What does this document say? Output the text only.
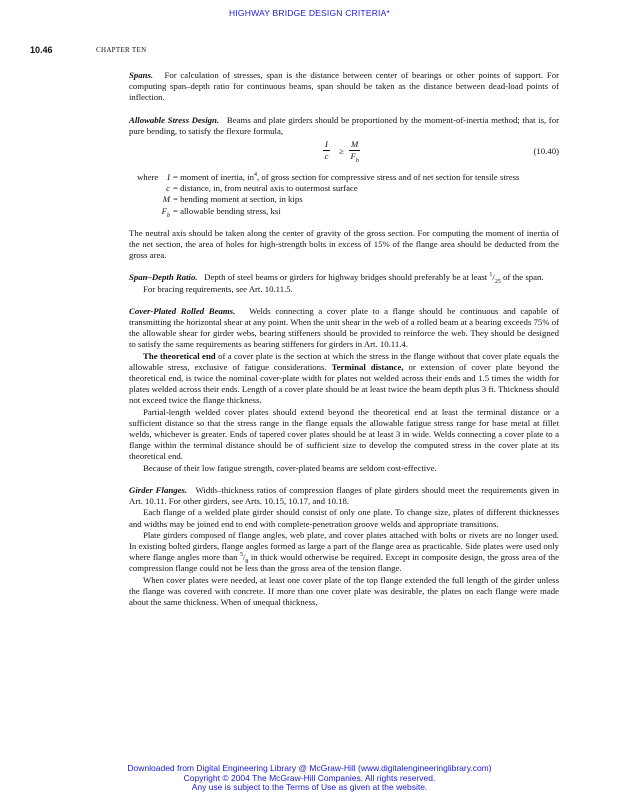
HIGHWAY BRIDGE DESIGN CRITERIA*
10.46	CHAPTER TEN

Spans. For calculation of stresses, span is the distance between center of bearings or other points of support. For computing span–depth ratio for continuous beams, span should be taken as the distance between dead-load points of inflection.

Allowable Stress Design. Beams and plate girders should be proportioned by the moment-of-inertia method; that is, for pure bending, to satisfy the flexure formula,

$\frac{I}{c} \ge \frac{M}{F_b}$	(10.40)
where I = moment of inertia, $in^4$, of gross section for compressive stress and of net section for tensile stress
c = distance, in, from neutral axis to outermost surface
M = bending moment at section, in kips
$F_b$ = allowable bending stress, ksi

The neutral axis should be taken along the center of gravity of the gross section. For computing the moment of inertia of the net section, the area of holes for high-strength bolts in excess of 15% of the flange area should be deducted from the gross area.

Span–Depth Ratio. Depth of steel beams or girders for highway bridges should preferably be at least $^1/_{25}$ of the span.

For bracing requirements, see Art. 10.11.5.

Cover-Plated Rolled Beams. Welds connecting a cover plate to a flange should be continuous and capable of transmitting the horizontal shear at any point. When the unit shear in the web of a rolled beam at a bearing exceeds 75% of the allowable shear for girder webs, bearing stiffeners should be provided to reinforce the web. They should be designed to satisfy the same requirements as bearing stiffeners for girders in Art. 10.11.4.

The theoretical end of a cover plate is the section at which the stress in the flange without that cover plate equals the allowable stress, exclusive of fatigue considerations. Terminal distance, or extension of cover plate beyond the theoretical end, is twice the nominal cover-plate width for plates not welded across their ends and 1.5 times the width for plates welded across their ends. Length of a cover plate should be at least twice the beam depth plus 3 ft. Thickness should not exceed twice the flange thickness.

Partial-length welded cover plates should extend beyond the theoretical end at least the terminal distance or a sufficient distance so that the stress range in the flange equals the allowable fatigue stress range for base metal at fillet welds, whichever is greater. Ends of tapered cover plates should be at least 3 in wide. Welds connecting a cover plate to a flange within the terminal distance should be of sufficient size to develop the computed stress in the cover plate at its theoretical end.

Because of their low fatigue strength, cover-plated beams are seldom cost-effective.

Girder Flanges. Width–thickness ratios of compression flanges of plate girders should meet the requirements given in Art. 10.11. For other girders, see Arts. 10.15, 10.17, and 10.18.

Each flange of a welded plate girder should consist of only one plate. To change size, plates of different thicknesses and widths may be joined end to end with complete-penetration groove welds and appropriate transitions.

Plate girders composed of flange angles, web plate, and cover plates attached with bolts or rivets are no longer used. In existing bolted girders, flange angles formed as large a part of the flange area as practicable. Side plates were used only where flange angles more than $^5/_8$ in thick would otherwise be required. Except in composite design, the gross area of the compression flange could not be less than the gross area of the tension flange.

When cover plates were needed, at least one cover plate of the top flange extended the full length of the girder unless the flange was covered with concrete. If more than one cover plate was desirable, the plates on each flange were made about the same thickness. When of unequal thickness,

Downloaded from Digital Engineering Library @ McGraw-Hill (www.digitalengineeringlibrary.com)
Copyright © 2004 The McGraw-Hill Companies. All rights reserved.
Any use is subject to the Terms of Use as given at the website.
